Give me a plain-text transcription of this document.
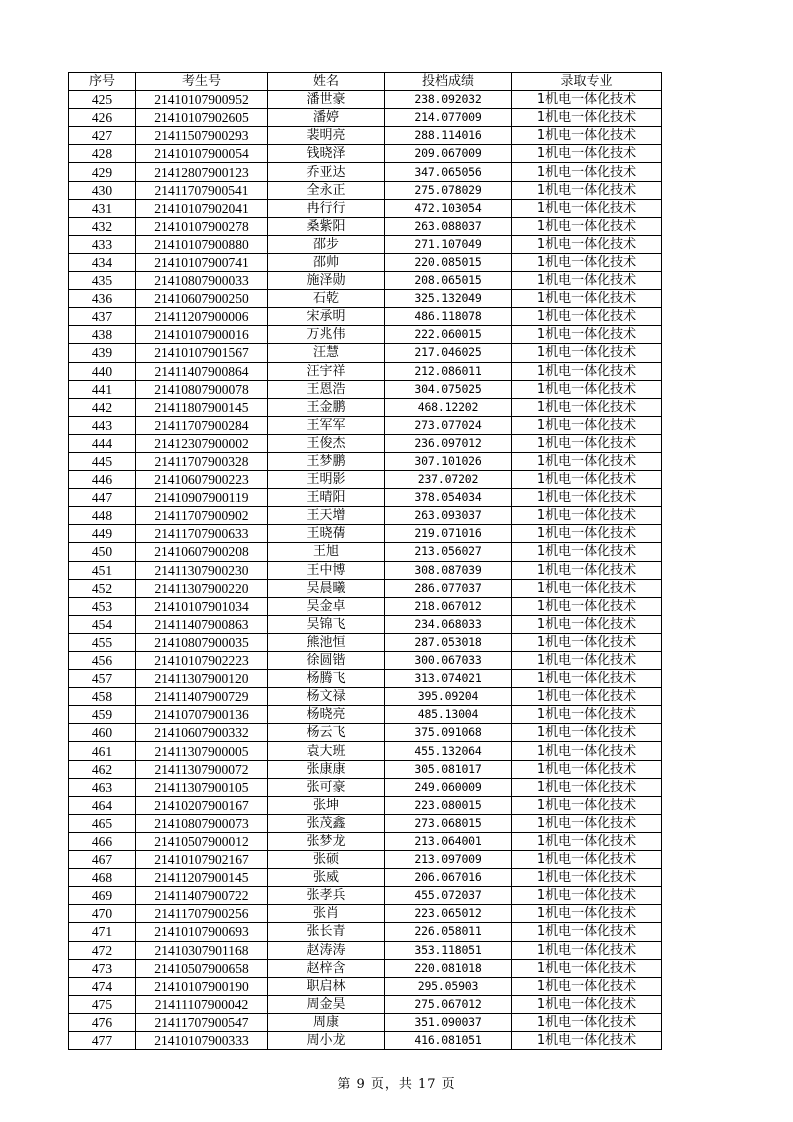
序号	考生号	姓名	投档成绩	录取专业
425	21410107900952	潘世豪	238.092032	1机电一体化技术
426	21410107902605	潘婷	214.077009	1机电一体化技术
427	21411507900293	裴明亮	288.114016	1机电一体化技术
428	21410107900054	钱晓泽	209.067009	1机电一体化技术
429	21412807900123	乔亚达	347.065056	1机电一体化技术
430	21411707900541	全永正	275.078029	1机电一体化技术
431	21410107902041	冉行行	472.103054	1机电一体化技术
432	21410107900278	桑紫阳	263.088037	1机电一体化技术
433	21410107900880	邵步	271.107049	1机电一体化技术
434	21410107900741	邵帅	220.085015	1机电一体化技术
435	21410807900033	施泽勋	208.065015	1机电一体化技术
436	21410607900250	石乾	325.132049	1机电一体化技术
437	21411207900006	宋承明	486.118078	1机电一体化技术
438	21410107900016	万兆伟	222.060015	1机电一体化技术
439	21410107901567	汪慧	217.046025	1机电一体化技术
440	21411407900864	汪宇祥	212.086011	1机电一体化技术
441	21410807900078	王恩浩	304.075025	1机电一体化技术
442	21411807900145	王金鹏	468.12202	1机电一体化技术
443	21411707900284	王军军	273.077024	1机电一体化技术
444	21412307900002	王俊杰	236.097012	1机电一体化技术
445	21411707900328	王梦鹏	307.101026	1机电一体化技术
446	21410607900223	王明影	237.07202	1机电一体化技术
447	21410907900119	王晴阳	378.054034	1机电一体化技术
448	21411707900902	王天增	263.093037	1机电一体化技术
449	21411707900633	王晓蒨	219.071016	1机电一体化技术
450	21410607900208	王旭	213.056027	1机电一体化技术
451	21411307900230	王中博	308.087039	1机电一体化技术
452	21411307900220	吴晨曦	286.077037	1机电一体化技术
453	21410107901034	吴金卓	218.067012	1机电一体化技术
454	21411407900863	吴锦飞	234.068033	1机电一体化技术
455	21410807900035	熊池恒	287.053018	1机电一体化技术
456	21410107902223	徐圆锴	300.067033	1机电一体化技术
457	21411307900120	杨腾飞	313.074021	1机电一体化技术
458	21411407900729	杨文禄	395.09204	1机电一体化技术
459	21410707900136	杨晓亮	485.13004	1机电一体化技术
460	21410607900332	杨云飞	375.091068	1机电一体化技术
461	21411307900005	袁大班	455.132064	1机电一体化技术
462	21411307900072	张康康	305.081017	1机电一体化技术
463	21411307900105	张可豪	249.060009	1机电一体化技术
464	21410207900167	张坤	223.080015	1机电一体化技术
465	21410807900073	张茂鑫	273.068015	1机电一体化技术
466	21410507900012	张梦龙	213.064001	1机电一体化技术
467	21410107902167	张硕	213.097009	1机电一体化技术
468	21411207900145	张威	206.067016	1机电一体化技术
469	21411407900722	张孝兵	455.072037	1机电一体化技术
470	21411707900256	张肖	223.065012	1机电一体化技术
471	21410107900693	张长青	226.058011	1机电一体化技术
472	21410307901168	赵涛涛	353.118051	1机电一体化技术
473	21410507900658	赵梓含	220.081018	1机电一体化技术
474	21410107900190	职启林	295.05903	1机电一体化技术
475	21411107900042	周金昊	275.067012	1机电一体化技术
476	21411707900547	周康	351.090037	1机电一体化技术
477	21410107900333	周小龙	416.081051	1机电一体化技术
第 9 页，共 17 页
